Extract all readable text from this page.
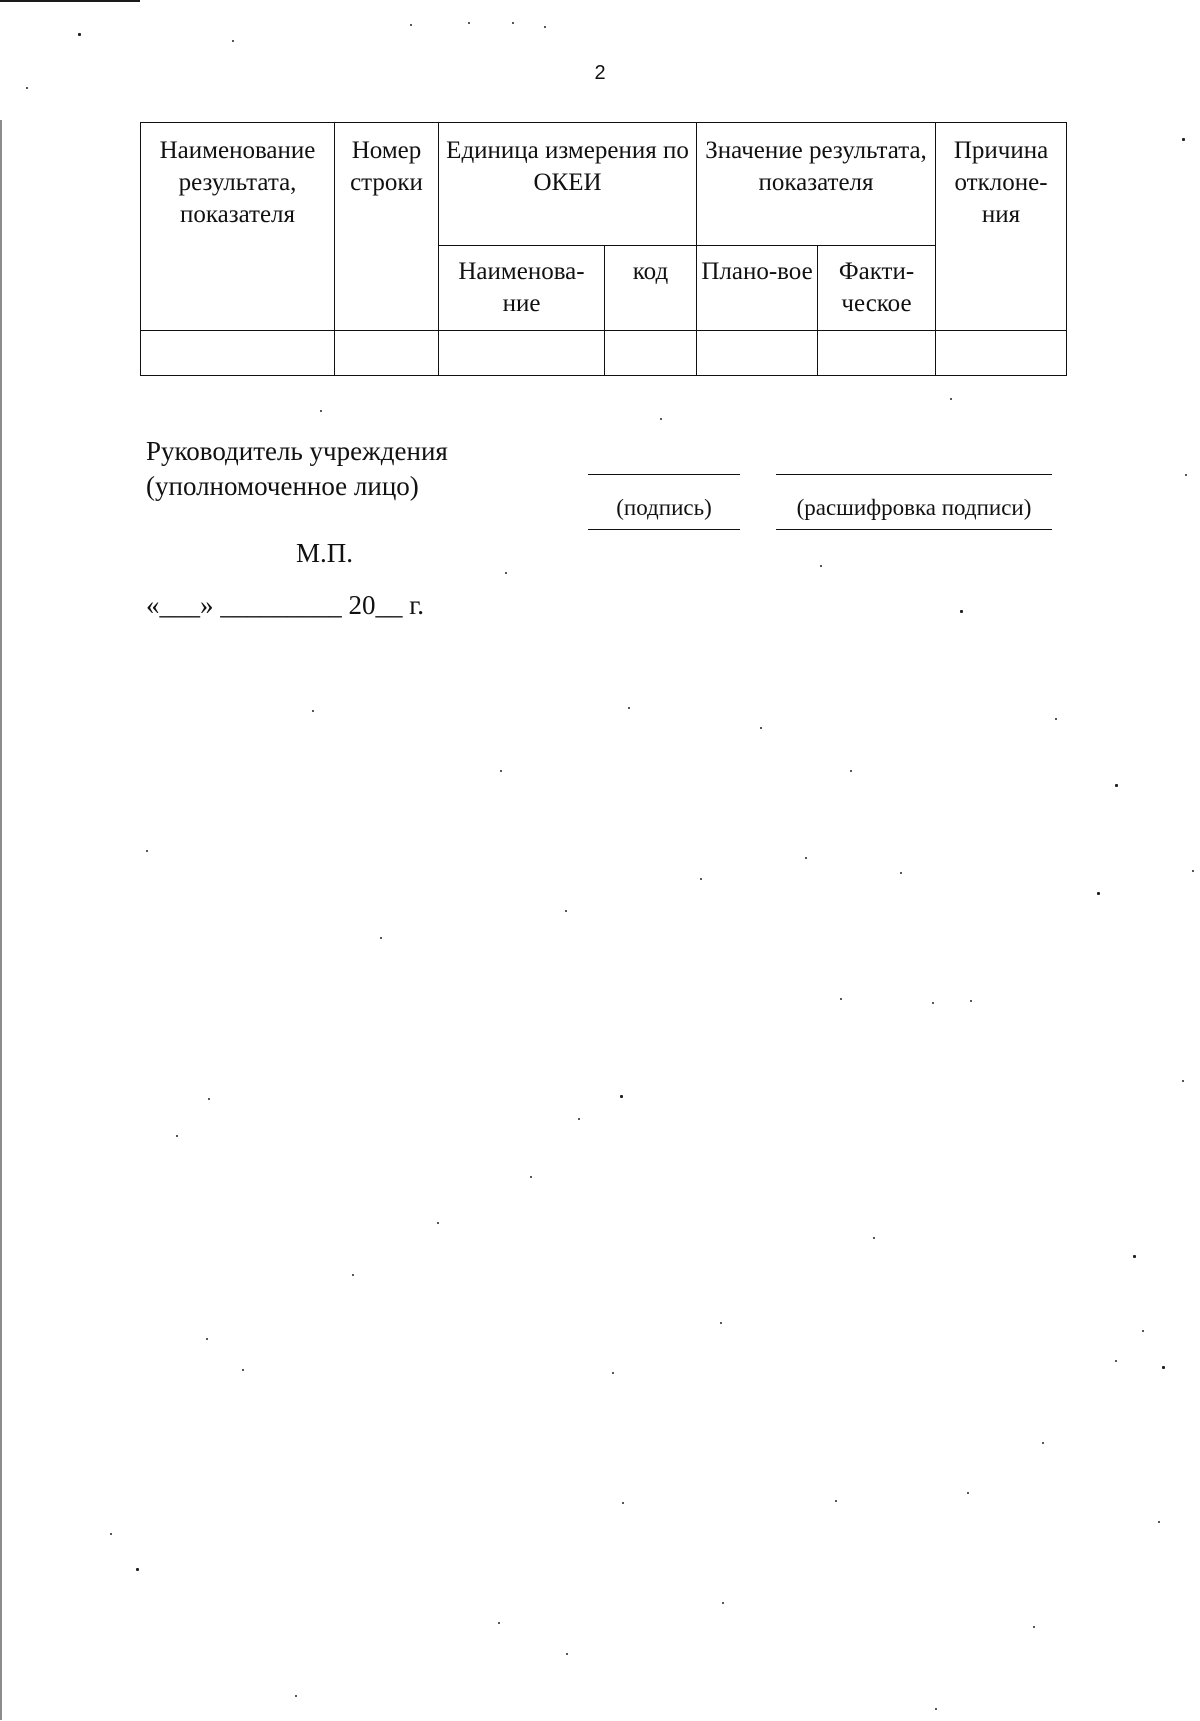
2
Наименование результата, показателя	Номер строки	Единица измерения по ОКЕИ		Значение результата, показателя		Причина отклоне-ния
		Наименова-ние	код	Плано-вое	Факти-ческое	

Руководитель учреждения
(уполномоченное лицо)
(подпись)	(расшифровка подписи)
М.П.
«___» _________ 20__ г.
